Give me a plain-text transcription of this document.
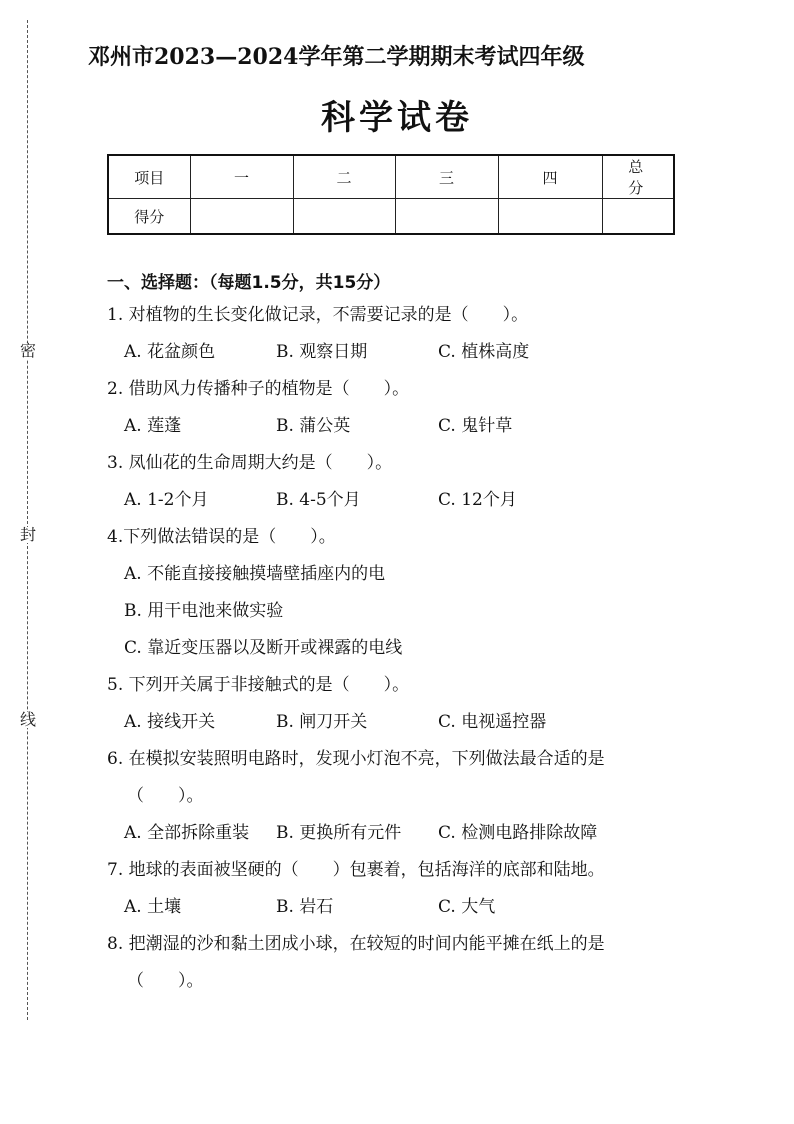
密
封
线
邓州市2023—2024学年第二学期期末考试四年级
科学试卷
项目	一	二	三	四	总分
得分					
一、选择题：（每题1.5分，共15分）
1. 对植物的生长变化做记录，不需要记录的是（　　）。
A. 花盆颜色	B. 观察日期	C. 植株高度
2. 借助风力传播种子的植物是（　　）。
A. 莲蓬	B. 蒲公英	C. 鬼针草
3. 凤仙花的生命周期大约是（　　）。
A. 1-2个月	B. 4-5个月	C. 12个月
4.下列做法错误的是（　　）。
A. 不能直接接触摸墙壁插座内的电
B. 用干电池来做实验
C. 靠近变压器以及断开或裸露的电线
5. 下列开关属于非接触式的是（　　）。
A. 接线开关	B. 闸刀开关	C. 电视遥控器
6. 在模拟安装照明电路时，发现小灯泡不亮，下列做法最合适的是
（　　）。
A. 全部拆除重装	B. 更换所有元件	C. 检测电路排除故障
7. 地球的表面被坚硬的（　　）包裹着，包括海洋的底部和陆地。
A. 土壤	B. 岩石	C. 大气
8. 把潮湿的沙和黏土团成小球，在较短的时间内能平摊在纸上的是
（　　）。
